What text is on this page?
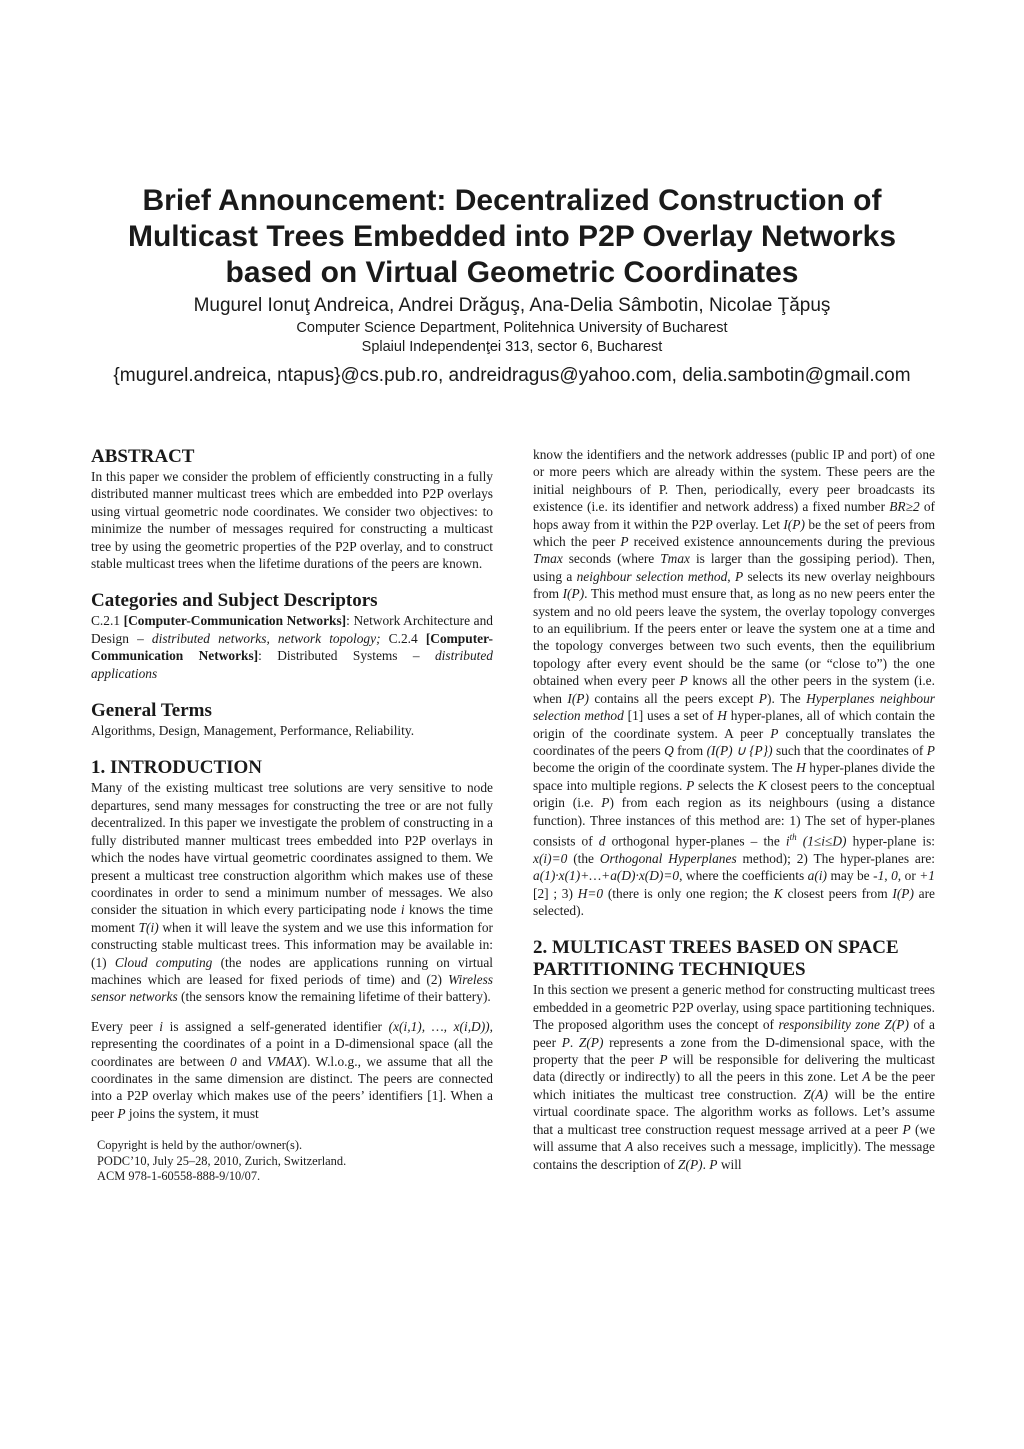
Brief Announcement: Decentralized Construction of
Multicast Trees Embedded into P2P Overlay Networks
based on Virtual Geometric Coordinates
Mugurel Ionuţ Andreica, Andrei Drăguş, Ana-Delia Sâmbotin, Nicolae Ţăpuş
Computer Science Department, Politehnica University of Bucharest
Splaiul Independenţei 313, sector 6, Bucharest
{mugurel.andreica, ntapus}@cs.pub.ro, andreidragus@yahoo.com, delia.sambotin@gmail.com
ABSTRACT

In this paper we consider the problem of efficiently constructing in a fully distributed manner multicast trees which are embedded into P2P overlays using virtual geometric node coordinates. We consider two objectives: to minimize the number of messages required for constructing a multicast tree by using the geometric properties of the P2P overlay, and to construct stable multicast trees when the lifetime durations of the peers are known.

Categories and Subject Descriptors

C.2.1 [Computer-Communication Networks]: Network Architecture and Design – distributed networks, network topology; C.2.4 [Computer-Communication Networks]: Distributed Systems – distributed applications

General Terms

Algorithms, Design, Management, Performance, Reliability.

1. INTRODUCTION

Many of the existing multicast tree solutions are very sensitive to node departures, send many messages for constructing the tree or are not fully decentralized. In this paper we investigate the problem of constructing in a fully distributed manner multicast trees embedded into P2P overlays in which the nodes have virtual geometric coordinates assigned to them. We present a multicast tree construction algorithm which makes use of these coordinates in order to send a minimum number of messages. We also consider the situation in which every participating node i knows the time moment T(i) when it will leave the system and we use this information for constructing stable multicast trees. This information may be available in: (1) Cloud computing (the nodes are applications running on virtual machines which are leased for fixed periods of time) and (2) Wireless sensor networks (the sensors know the remaining lifetime of their battery).

Every peer i is assigned a self-generated identifier (x(i,1), …, x(i,D)), representing the coordinates of a point in a D-dimensional space (all the coordinates are between 0 and VMAX). W.l.o.g., we assume that all the coordinates in the same dimension are distinct. The peers are connected into a P2P overlay which makes use of the peers’ identifiers [1]. When a peer P joins the system, it must

Copyright is held by the author/owner(s).
PODC’10, July 25–28, 2010, Zurich, Switzerland.
ACM 978-1-60558-888-9/10/07.

know the identifiers and the network addresses (public IP and port) of one or more peers which are already within the system. These peers are the initial neighbours of P. Then, periodically, every peer broadcasts its existence (i.e. its identifier and network address) a fixed number BR≥2 of hops away from it within the P2P overlay. Let I(P) be the set of peers from which the peer P received existence announcements during the previous Tmax seconds (where Tmax is larger than the gossiping period). Then, using a neighbour selection method, P selects its new overlay neighbours from I(P). This method must ensure that, as long as no new peers enter the system and no old peers leave the system, the overlay topology converges to an equilibrium. If the peers enter or leave the system one at a time and the topology converges between two such events, then the equilibrium topology after every event should be the same (or “close to”) the one obtained when every peer P knows all the other peers in the system (i.e. when I(P) contains all the peers except P). The Hyperplanes neighbour selection method [1] uses a set of H hyper-planes, all of which contain the origin of the coordinate system. A peer P conceptually translates the coordinates of the peers Q from (I(P) ∪ {P}) such that the coordinates of P become the origin of the coordinate system. The H hyper-planes divide the space into multiple regions. P selects the K closest peers to the conceptual origin (i.e. P) from each region as its neighbours (using a distance function). Three instances of this method are: 1) The set of hyper-planes consists of d orthogonal hyper-planes – the $i^{th}$ (1≤i≤D) hyper-plane is: x(i)=0 (the Orthogonal Hyperplanes method); 2) The hyper-planes are: a(1)·x(1)+…+a(D)·x(D)=0, where the coefficients a(i) may be -1, 0, or +1 [2] ; 3) H=0 (there is only one region; the K closest peers from I(P) are selected).

2. MULTICAST TREES BASED ON SPACE
PARTITIONING TECHNIQUES

In this section we present a generic method for constructing multicast trees embedded in a geometric P2P overlay, using space partitioning techniques. The proposed algorithm uses the concept of responsibility zone Z(P) of a peer P. Z(P) represents a zone from the D-dimensional space, with the property that the peer P will be responsible for delivering the multicast data (directly or indirectly) to all the peers in this zone. Let A be the peer which initiates the multicast tree construction. Z(A) will be the entire virtual coordinate space. The algorithm works as follows. Let’s assume that a multicast tree construction request message arrived at a peer P (we will assume that A also receives such a message, implicitly). The message contains the description of Z(P). P will
